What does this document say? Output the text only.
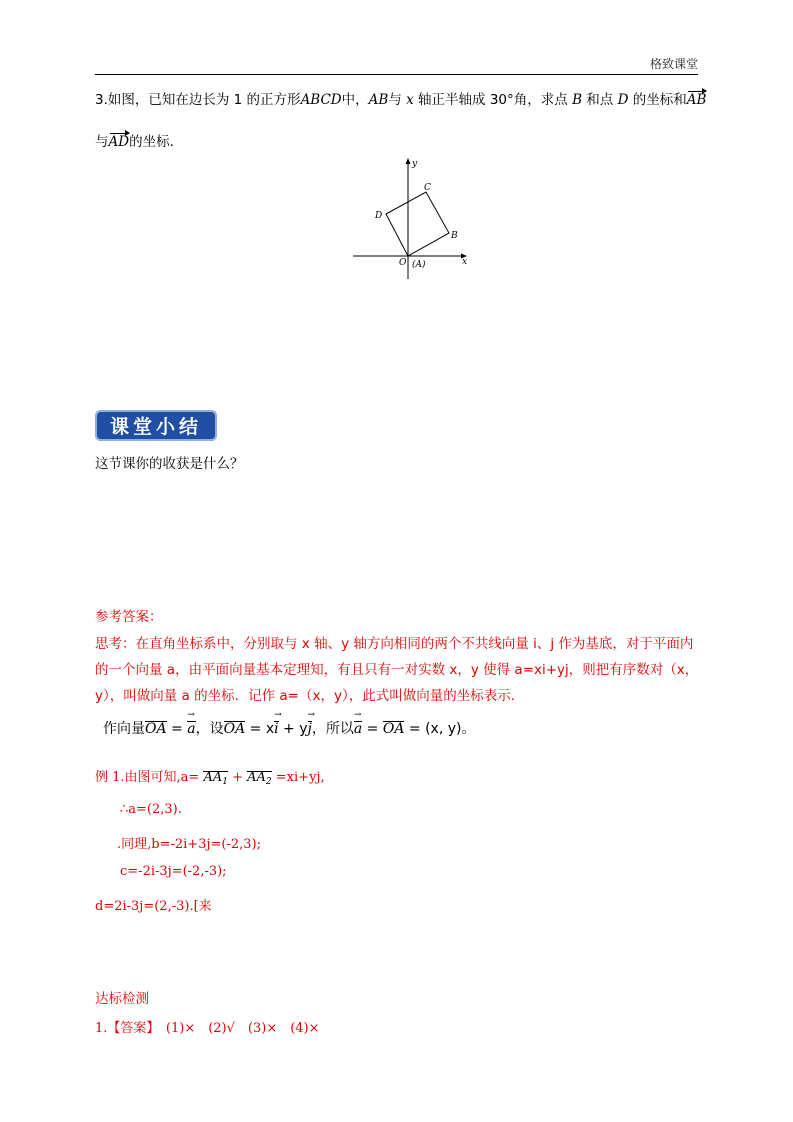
格致课堂
3.如图，已知在边长为 1 的正方形ABCD中，AB与 x 轴正半轴成 30°角，求点 B 和点 D 的坐标和AB
与AD的坐标．
y
x
C
D
B
O (A)
课堂小结
这节课你的收获是什么？
参考答案：
思考：在直角坐标系中，分别取与 x 轴、y 轴方向相同的两个不共线向量 i、j 作为基底，对于平面内的一个向量 a，由平面向量基本定理知，有且只有一对实数 x，y 使得 a=xi+yj，则把有序数对（x，y），叫做向量 a 的坐标．记作 a=（x，y），此式叫做向量的坐标表示．
作向量OA = a →，设OA = xi → + yj →，所以a → = OA = (x, y)。
例 1.由图可知$,a= AA_1 + AA_2 =xi+yj$,
∴a=(2,3).
.同理,b=-2i+3j=(-2,3);
c=-2i-3j=(-2,-3);
d=2i-3j=(2,-3).[来
达标检测
1.【答案】　(1)×　(2)√　(3)×　(4)×
